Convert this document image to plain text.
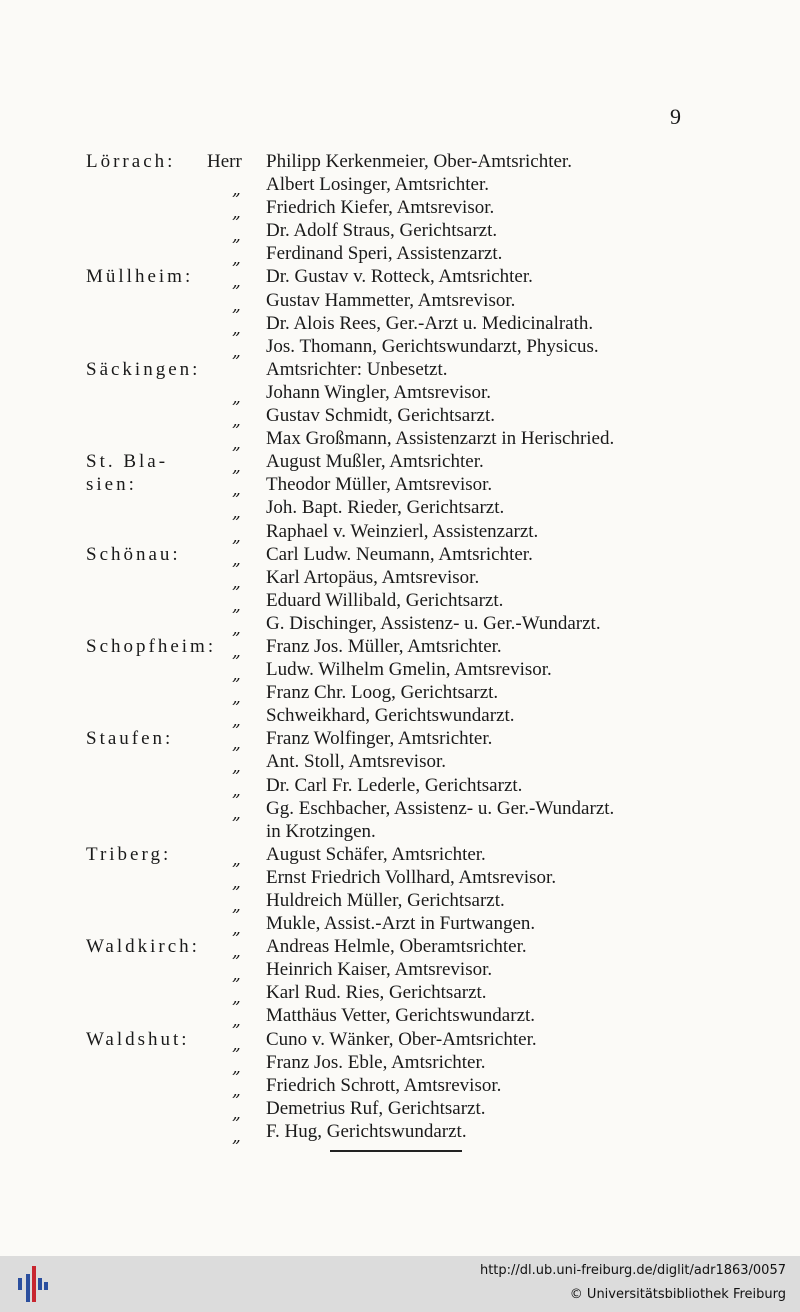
9
Lörrach: Herr Philipp Kerkenmeier, Ober-Amtsrichter.
„ Albert Losinger, Amtsrichter.
„ Friedrich Kiefer, Amtsrevisor.
„ Dr. Adolf Straus, Gerichtsarzt.
„ Ferdinand Speri, Assistenzarzt.
Müllheim: „ Dr. Gustav v. Rotteck, Amtsrichter.
„ Gustav Hammetter, Amtsrevisor.
„ Dr. Alois Rees, Ger.-Arzt u. Medicinalrath.
„ Jos. Thomann, Gerichtswundarzt, Physicus.
Säckingen:	Amtsrichter: Unbesetzt.
„ Johann Wingler, Amtsrevisor.
„ Gustav Schmidt, Gerichtsarzt.
„ Max Großmann, Assistenzarzt in Herischried.
St. Bla-	„ August Mußler, Amtsrichter.
sien:	„ Theodor Müller, Amtsrevisor.
„ Joh. Bapt. Rieder, Gerichtsarzt.
„ Raphael v. Weinzierl, Assistenzarzt.
Schönau:	„ Carl Ludw. Neumann, Amtsrichter.
„ Karl Artopäus, Amtsrevisor.
„ Eduard Willibald, Gerichtsarzt.
„ G. Dischinger, Assistenz- u. Ger.-Wundarzt.
Schopfheim: „ Franz Jos. Müller, Amtsrichter.
„ Ludw. Wilhelm Gmelin, Amtsrevisor.
„ Franz Chr. Loog, Gerichtsarzt.
„ Schweikhard, Gerichtswundarzt.
Staufen:	„ Franz Wolfinger, Amtsrichter.
„ Ant. Stoll, Amtsrevisor.
„ Dr. Carl Fr. Lederle, Gerichtsarzt.
„ Gg. Eschbacher, Assistenz- u. Ger.-Wundarzt.
in Krotzingen.
Triberg:	„ August Schäfer, Amtsrichter.
„ Ernst Friedrich Vollhard, Amtsrevisor.
„ Huldreich Müller, Gerichtsarzt.
„ Mukle, Assist.-Arzt in Furtwangen.
Waldkirch: „ Andreas Helmle, Oberamtsrichter.
„ Heinrich Kaiser, Amtsrevisor.
„ Karl Rud. Ries, Gerichtsarzt.
„ Matthäus Vetter, Gerichtswundarzt.
Waldshut: „ Cuno v. Wänker, Ober-Amtsrichter.
„ Franz Jos. Eble, Amtsrichter.
„ Friedrich Schrott, Amtsrevisor.
„ Demetrius Ruf, Gerichtsarzt.
„ F. Hug, Gerichtswundarzt.
http://dl.ub.uni-freiburg.de/diglit/adr1863/0057
© Universitätsbibliothek Freiburg
